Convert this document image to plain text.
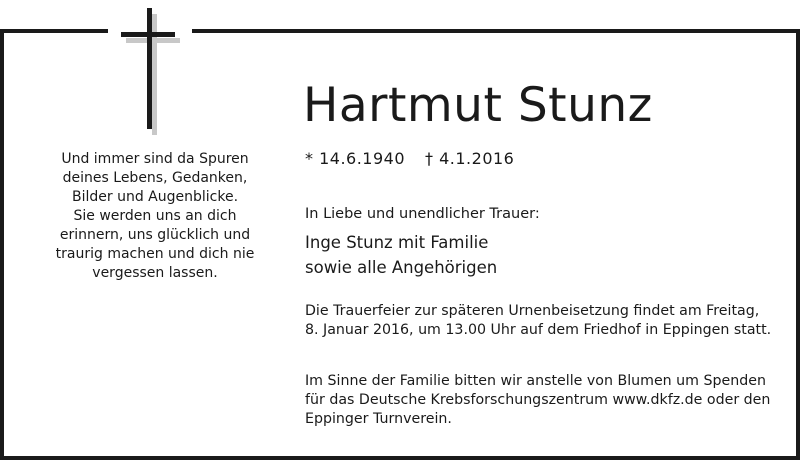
Und immer sind da Spuren
deines Lebens, Gedanken,
Bilder und Augenblicke.
Sie werden uns an dich
erinnern, uns glücklich und
traurig machen und dich nie
vergessen lassen.
Hartmut Stunz
* 14.6.1940 † 4.1.2016
In Liebe und unendlicher Trauer:
Inge Stunz mit Familie
sowie alle Angehörigen
Die Trauerfeier zur späteren Urnenbeisetzung findet am Freitag,
8. Januar 2016, um 13.00 Uhr auf dem Friedhof in Eppingen statt.
Im Sinne der Familie bitten wir anstelle von Blumen um Spenden
für das Deutsche Krebsforschungszentrum www.dkfz.de oder den
Eppinger Turnverein.
